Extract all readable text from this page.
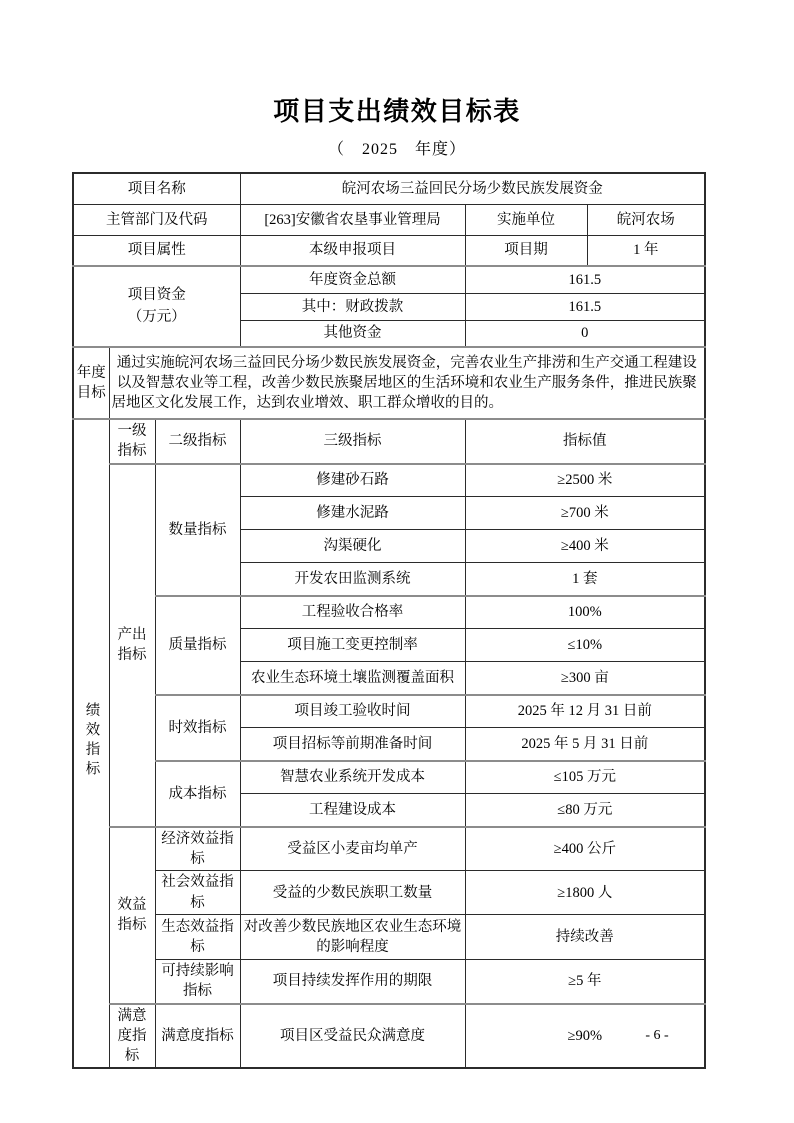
项目支出绩效目标表
（　2025　年度）
项目名称			皖河农场三益回民分场少数民族发展资金		
主管部门及代码			[263]安徽省农垦事业管理局	实施单位	皖河农场
项目属性			本级申报项目	项目期	1 年

项目资金
（万元）			年度资金总额	161.5	
			其中：财政拨款	161.5	
			其他资金	0	
年度目标	通过实施皖河农场三益回民分场少数民族发展资金，完善农业生产排涝和生产交通工程建设以及智慧农业等工程，改善少数民族聚居地区的生活环境和农业生产服务条件，推进民族聚居地区文化发展工作，达到农业增效、职工群众增收的目的。				
绩效指标	一级指标	二级指标	三级指标	指标值	
	产出指标	数量指标	修建砂石路	≥2500 米	
			修建水泥路	≥700 米	
			沟渠硬化	≥400 米	
			开发农田监测系统	1 套	
		质量指标	工程验收合格率	100%	
			项目施工变更控制率	≤10%	
			农业生态环境土壤监测覆盖面积	≥300 亩	
		时效指标	项目竣工验收时间	2025 年 12 月 31 日前	
			项目招标等前期准备时间	2025 年 5 月 31 日前	
		成本指标	智慧农业系统开发成本	≤105 万元	
			工程建设成本	≤80 万元	
	效益指标	经济效益指标	受益区小麦亩均单产	≥400 公斤	
		社会效益指标	受益的少数民族职工数量	≥1800 人	
		生态效益指标	对改善少数民族地区农业生态环境的影响程度	持续改善	
		可持续影响指标	项目持续发挥作用的期限	≥5 年	
	满意度指标	满意度指标	项目区受益民众满意度	≥90%		- 6 -
